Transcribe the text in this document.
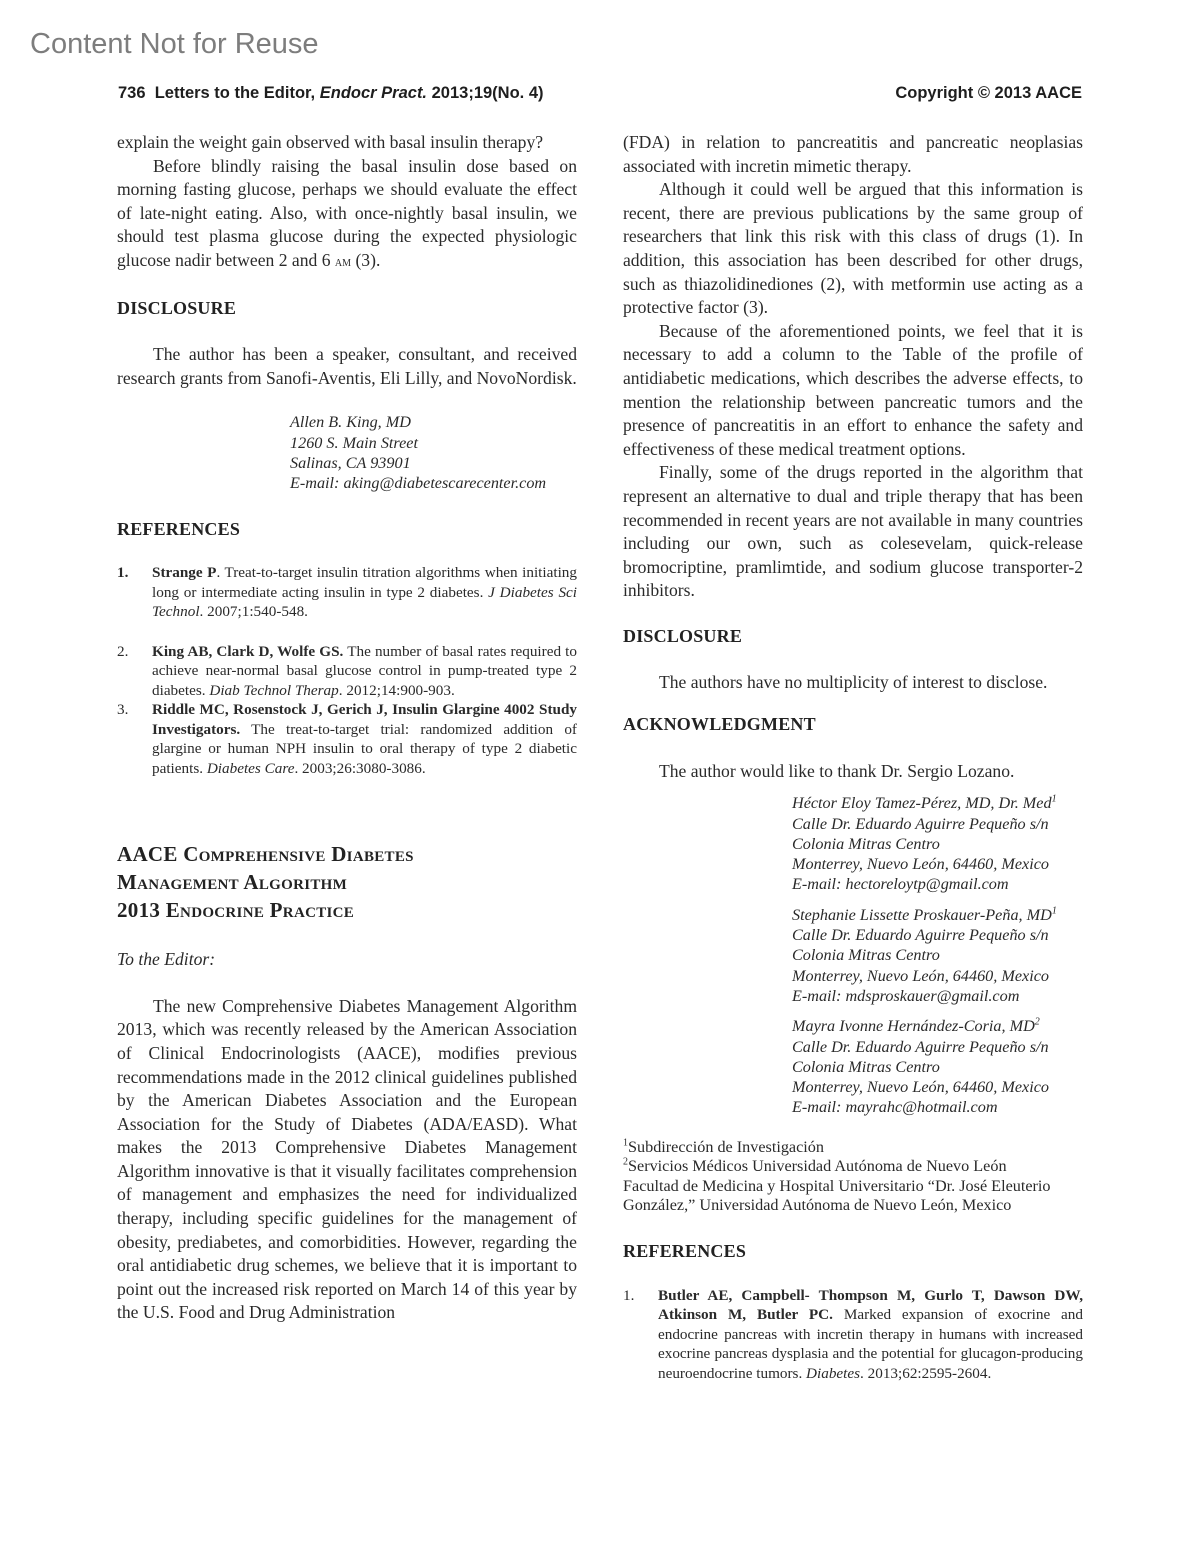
Content Not for Reuse
736 Letters to the Editor, Endocr Pract. 2013;19(No. 4)	Copyright © 2013 AACE

explain the weight gain observed with basal insulin therapy?

Before blindly raising the basal insulin dose based on morning fasting glucose, perhaps we should evaluate the effect of late-night eating. Also, with once-nightly basal insulin, we should test plasma glucose during the expected physiologic glucose nadir between 2 and 6 am (3).

DISCLOSURE

The author has been a speaker, consultant, and received research grants from Sanofi-Aventis, Eli Lilly, and NovoNordisk.

Allen B. King, MD
1260 S. Main Street
Salinas, CA 93901
E-mail: aking@diabetescarecenter.com
REFERENCES
1.	Strange P. Treat-to-target insulin titration algorithms when initiating long or intermediate acting insulin in type 2 diabetes. J Diabetes Sci Technol. 2007;1:540-548.
2.	King AB, Clark D, Wolfe GS. The number of basal rates required to achieve near-normal basal glucose control in pump-treated type 2 diabetes. Diab Technol Therap. 2012;14:900-903.
3.	Riddle MC, Rosenstock J, Gerich J, Insulin Glargine 4002 Study Investigators. The treat-to-target trial: randomized addition of glargine or human NPH insulin to oral therapy of type 2 diabetic patients. Diabetes Care. 2003;26:3080-3086.
AACE Comprehensive Diabetes
Management Algorithm
2013 Endocrine Practice

To the Editor:

The new Comprehensive Diabetes Management Algorithm 2013, which was recently released by the American Association of Clinical Endocrinologists (AACE), modifies previous recommendations made in the 2012 clinical guidelines published by the American Diabetes Association and the European Association for the Study of Diabetes (ADA/EASD). What makes the 2013 Comprehensive Diabetes Management Algorithm innovative is that it visually facilitates comprehension of management and emphasizes the need for individualized therapy, including specific guidelines for the management of obesity, prediabetes, and comorbidities. However, regarding the oral antidiabetic drug schemes, we believe that it is important to point out the increased risk reported on March 14 of this year by the U.S. Food and Drug Administration

(FDA) in relation to pancreatitis and pancreatic neoplasias associated with incretin mimetic therapy.

Although it could well be argued that this information is recent, there are previous publications by the same group of researchers that link this risk with this class of drugs (1). In addition, this association has been described for other drugs, such as thiazolidinediones (2), with metformin use acting as a protective factor (3).

Because of the aforementioned points, we feel that it is necessary to add a column to the Table of the profile of antidiabetic medications, which describes the adverse effects, to mention the relationship between pancreatic tumors and the presence of pancreatitis in an effort to enhance the safety and effectiveness of these medical treatment options.

Finally, some of the drugs reported in the algorithm that represent an alternative to dual and triple therapy that has been recommended in recent years are not available in many countries including our own, such as colesevelam, quick-release bromocriptine, pramlimtide, and sodium glucose transporter-2 inhibitors.

DISCLOSURE

The authors have no multiplicity of interest to disclose.

ACKNOWLEDGMENT

The author would like to thank Dr. Sergio Lozano.

Héctor Eloy Tamez-Pérez, MD, Dr. Med$^1$
Calle Dr. Eduardo Aguirre Pequeño s/n
Colonia Mitras Centro
Monterrey, Nuevo León, 64460, Mexico
E-mail: hectoreloytp@gmail.com
Stephanie Lissette Proskauer-Peña, $MD^1$
Calle Dr. Eduardo Aguirre Pequeño s/n
Colonia Mitras Centro
Monterrey, Nuevo León, 64460, Mexico
E-mail: mdsproskauer@gmail.com
Mayra Ivonne Hernández-Coria, $MD^2$
Calle Dr. Eduardo Aguirre Pequeño s/n
Colonia Mitras Centro
Monterrey, Nuevo León, 64460, Mexico
E-mail: mayrahc@hotmail.com
$^1$Subdirección de Investigación
$^2$Servicios Médicos Universidad Autónoma de Nuevo León
Facultad de Medicina y Hospital Universitario “Dr. José Eleuterio González,” Universidad Autónoma de Nuevo León, Mexico
REFERENCES
1.	Butler AE, Campbell- Thompson M, Gurlo T, Dawson DW, Atkinson M, Butler PC. Marked expansion of exocrine and endocrine pancreas with incretin therapy in humans with increased exocrine pancreas dysplasia and the potential for glucagon-producing neuroendocrine tumors. Diabetes. 2013;62:2595-2604.
